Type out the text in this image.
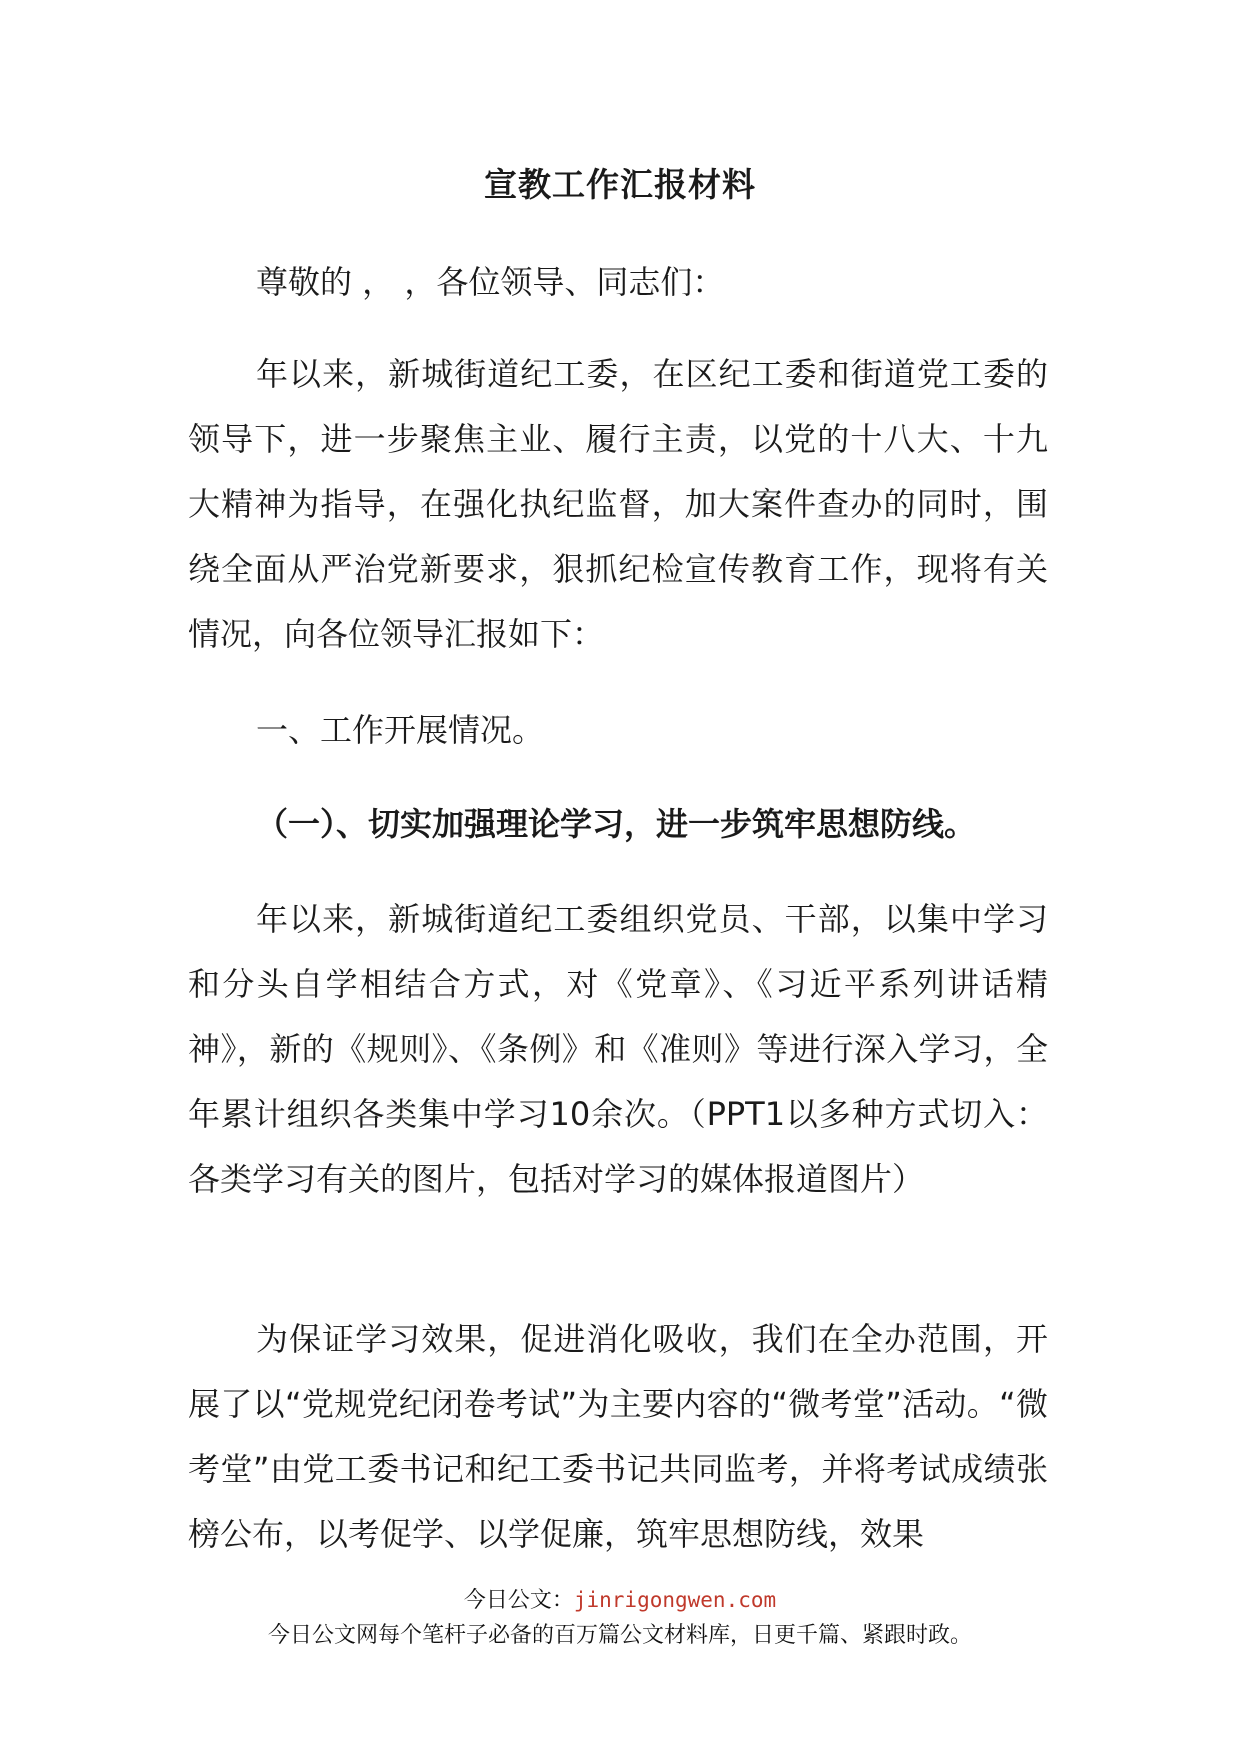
宣教工作汇报材料

尊敬的 ， ，各位领导、同志们：

年以来，新城街道纪工委，在区纪工委和街道党工委的领导下，进一步聚焦主业、履行主责，以党的十八大、十九大精神为指导，在强化执纪监督，加大案件查办的同时，围绕全面从严治党新要求，狠抓纪检宣传教育工作，现将有关情况，向各位领导汇报如下：

一、工作开展情况。

（一）、切实加强理论学习，进一步筑牢思想防线。

年以来，新城街道纪工委组织党员、干部，以集中学习和分头自学相结合方式，对《党章》、《习近平系列讲话精神》，新的《规则》、《条例》和《准则》等进行深入学习，全年累计组织各类集中学习10余次。（PPT1以多种方式切入：各类学习有关的图片，包括对学习的媒体报道图片）

为保证学习效果，促进消化吸收，我们在全办范围，开展了以“党规党纪闭卷考试”为主要内容的“微考堂”活动。“微考堂”由党工委书记和纪工委书记共同监考，并将考试成绩张榜公布，以考促学、以学促廉，筑牢思想防线，效果

今日公文：jinrigongwen.com

今日公文网每个笔杆子必备的百万篇公文材料库，日更千篇、紧跟时政。
